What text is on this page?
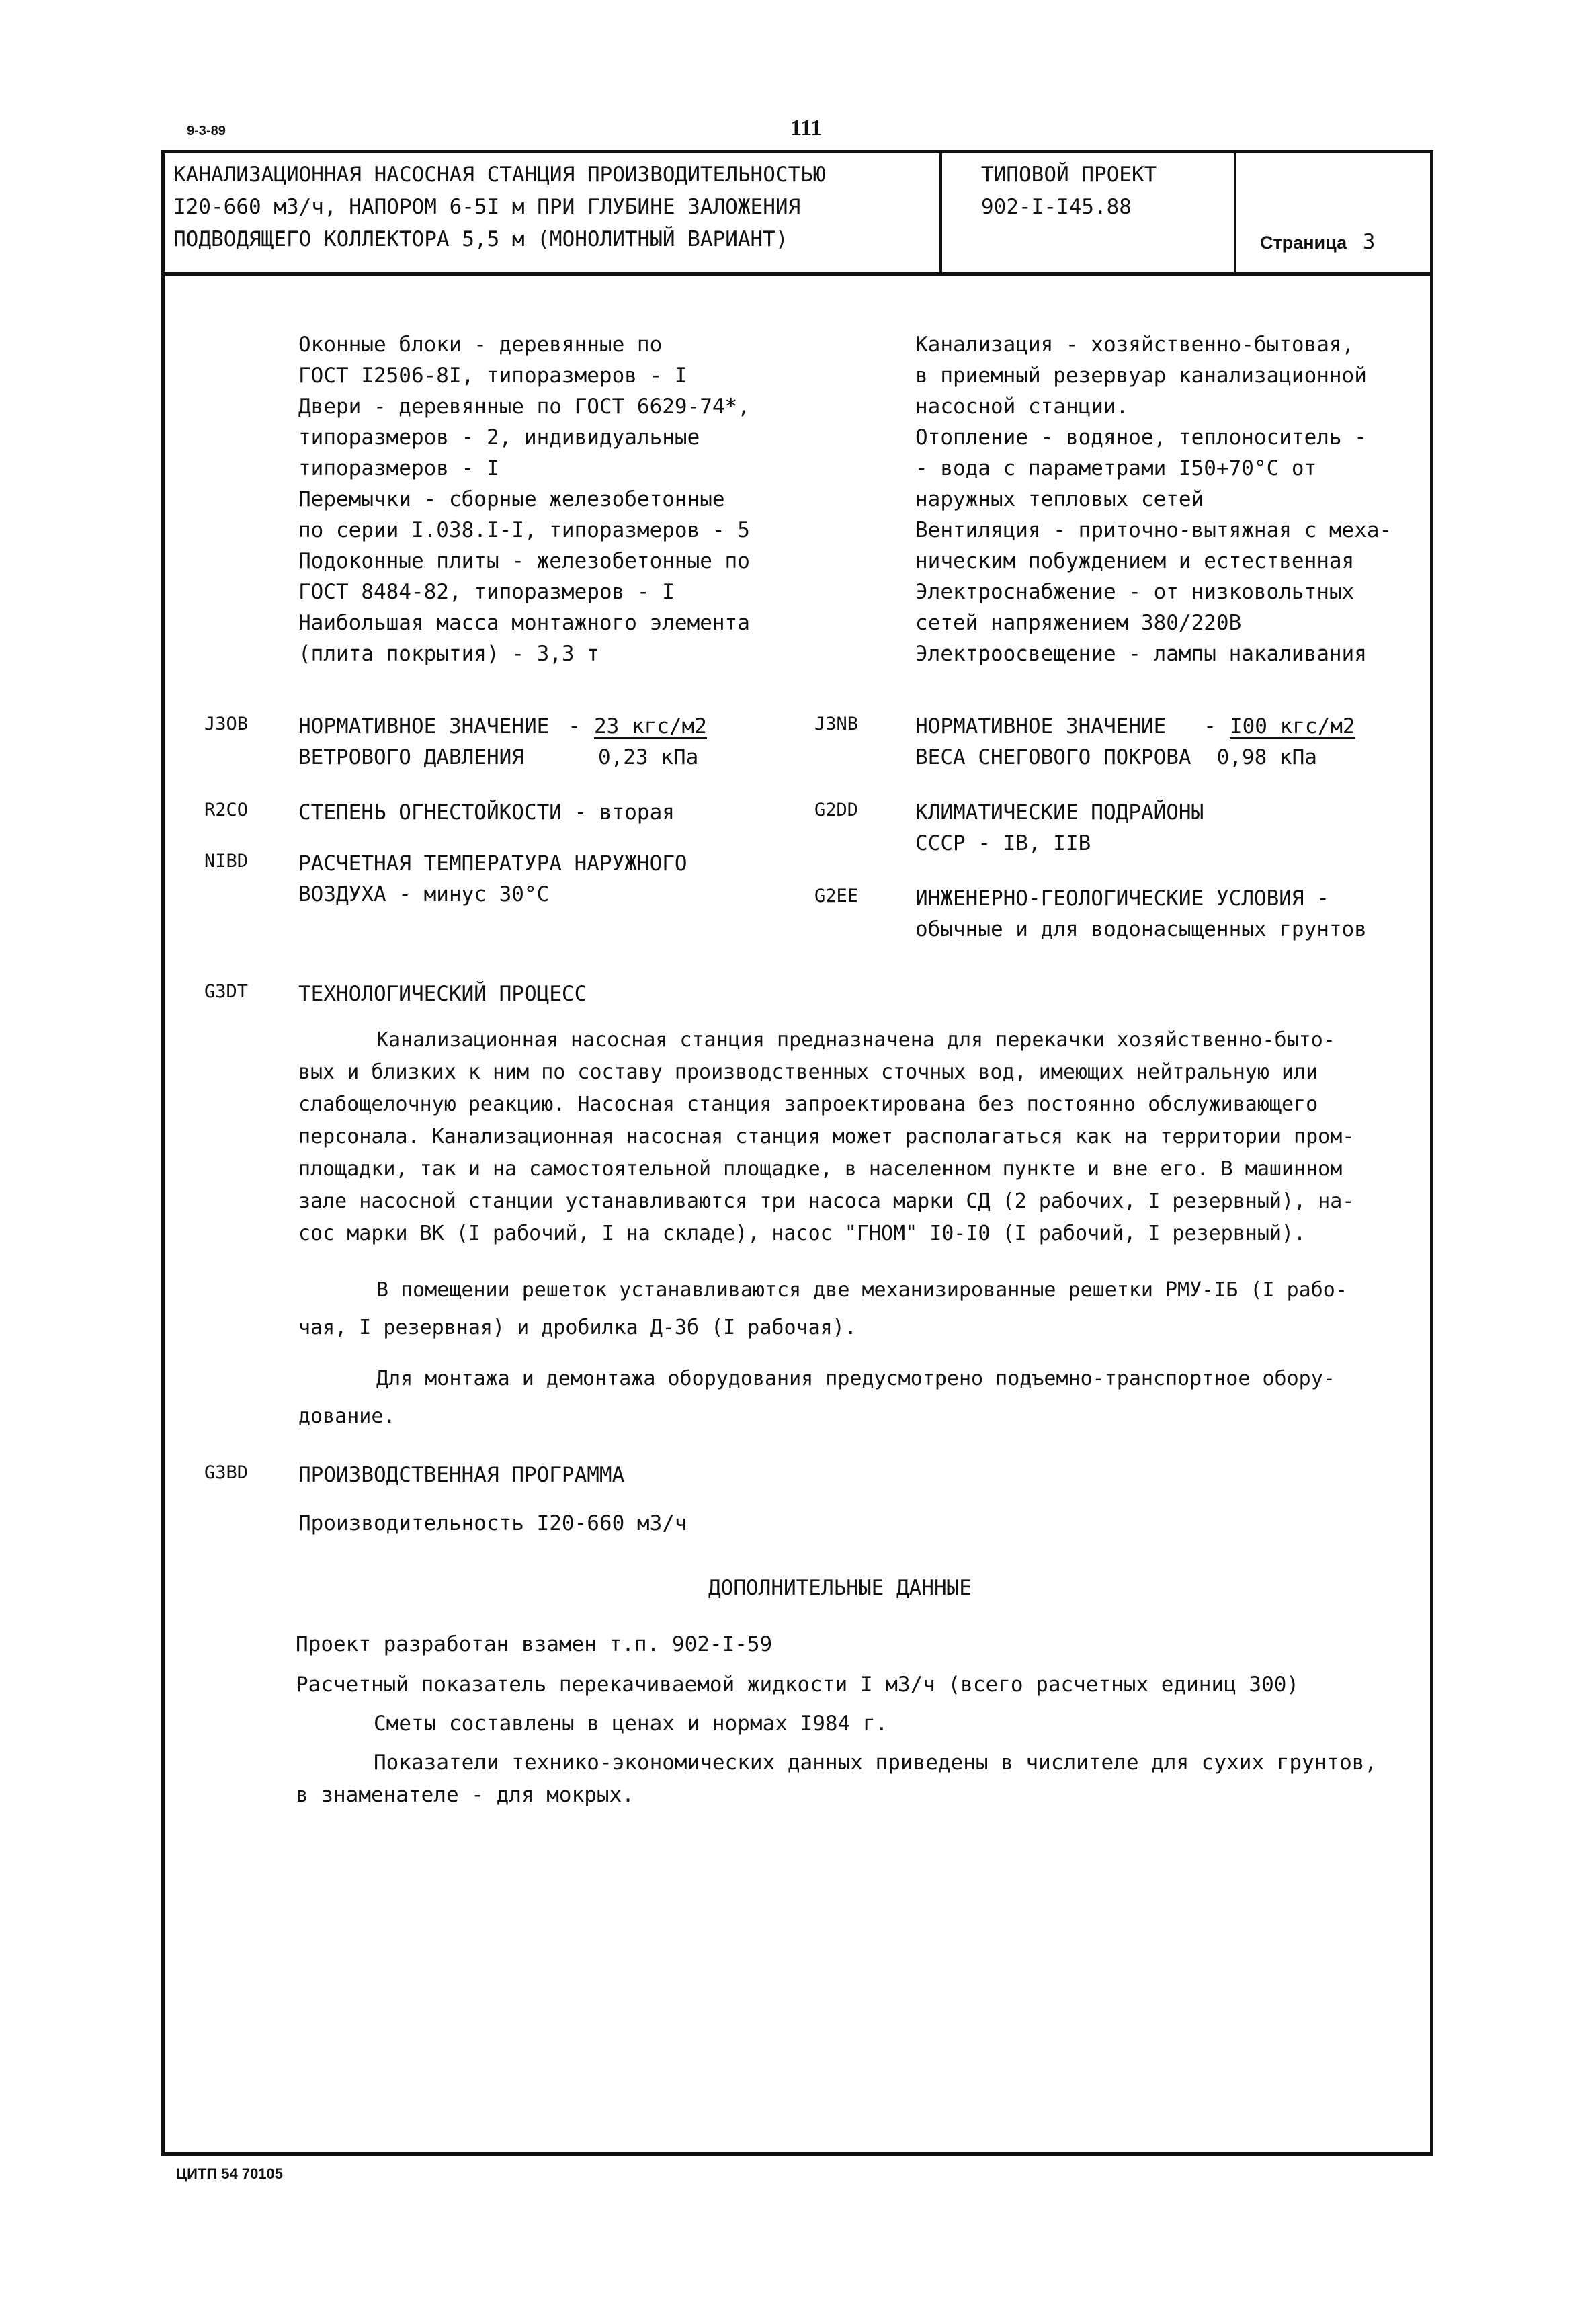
9-3-89	111
КАНАЛИЗАЦИОННАЯ НАСОСНАЯ СТАНЦИЯ ПРОИЗВОДИТЕЛЬНОСТЬЮ
I20-660 м3/ч, НАПОРОМ 6-5I м ПРИ ГЛУБИНЕ ЗАЛОЖЕНИЯ
ПОДВОДЯЩЕГО КОЛЛЕКТОРА 5,5 м (МОНОЛИТНЫЙ ВАРИАНТ)
ТИПОВОЙ ПРОЕКТ
902-I-I45.88
Страница 3
Оконные блоки - деревянные по
ГОСТ I2506-8I, типоразмеров - I
Двери - деревянные по ГОСТ 6629-74*,
типоразмеров - 2, индивидуальные
типоразмеров - I
Перемычки - сборные железобетонные
по серии I.038.I-I, типоразмеров - 5
Подоконные плиты - железобетонные по
ГОСТ 8484-82, типоразмеров - I
Наибольшая масса монтажного элемента
(плита покрытия) - 3,3 т
Канализация - хозяйственно-бытовая,
в приемный резервуар канализационной
насосной станции.
Отопление - водяное, теплоноситель -
- вода с параметрами I50+70°С от
наружных тепловых сетей
Вентиляция - приточно-вытяжная с меха-
ническим побуждением и естественная
Электроснабжение - от низковольтных
сетей напряжением 380/220В
Электроосвещение - лампы накаливания
J3OB НОРМАТИВНОЕ ЗНАЧЕНИЕ - 23 кгс/м2
ВЕТРОВОГО ДАВЛЕНИЯ	0,23 кПа
J3NB	НОРМАТИВНОЕ ЗНАЧЕНИЕ - I00 кгс/м2
ВЕСА СНЕГОВОГО ПОКРОВА 0,98 кПа
R2CO СТЕПЕНЬ ОГНЕСТОЙКОСТИ - вторая	G2DD	КЛИМАТИЧЕСКИЕ ПОДРАЙОНЫ
СССР - IВ, IIВ
NIBD РАСЧЕТНАЯ ТЕМПЕРАТУРА НАРУЖНОГО
ВОЗДУХА - минус 30°С	G2EE	ИНЖЕНЕРНО-ГЕОЛОГИЧЕСКИЕ УСЛОВИЯ -
обычные и для водонасыщенных грунтов
G3DT ТЕХНОЛОГИЧЕСКИЙ ПРОЦЕСС
Канализационная насосная станция предназначена для перекачки хозяйственно-быто-
вых и близких к ним по составу производственных сточных вод, имеющих нейтральную или
слабощелочную реакцию. Насосная станция запроектирована без постоянно обслуживающего
персонала. Канализационная насосная станция может располагаться как на территории пром-
площадки, так и на самостоятельной площадке, в населенном пункте и вне его. В машинном
зале насосной станции устанавливаются три насоса марки СД (2 рабочих, I резервный), на-
сос марки ВК (I рабочий, I на складе), насос "ГНОМ" I0-I0 (I рабочий, I резервный).
В помещении решеток устанавливаются две механизированные решетки РМУ-IБ (I рабо-
чая, I резервная) и дробилка Д-3б (I рабочая).
Для монтажа и демонтажа оборудования предусмотрено подъемно-транспортное обору-
дование.
G3BD ПРОИЗВОДСТВЕННАЯ ПРОГРАММА
Производительность I20-660 м3/ч
ДОПОЛНИТЕЛЬНЫЕ ДАННЫЕ
Проект разработан взамен т.п. 902-I-59
Расчетный показатель перекачиваемой жидкости I м3/ч (всего расчетных единиц 300)
Сметы составлены в ценах и нормах I984 г.
Показатели технико-экономических данных приведены в числителе для сухих грунтов,
в знаменателе - для мокрых.
ЦИТП 54 70105
